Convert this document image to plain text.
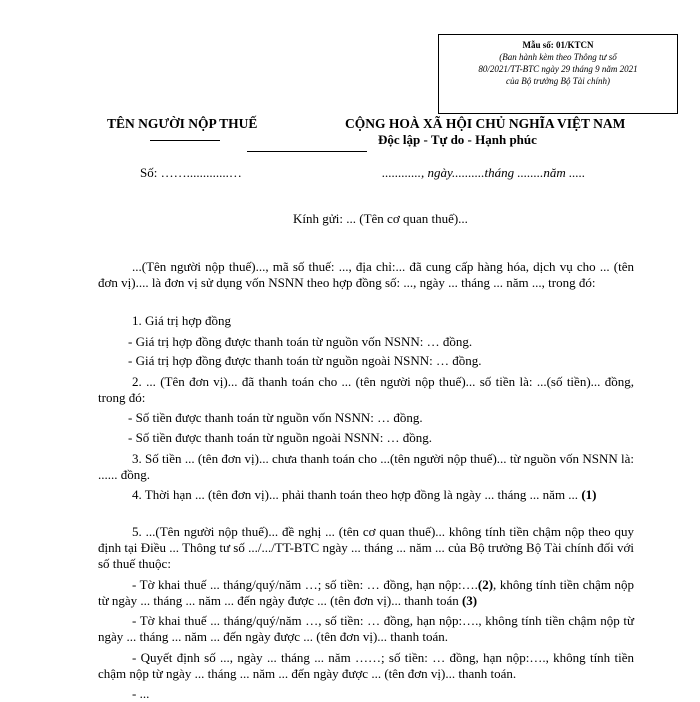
Mẫu số: 01/KTCN
(Ban hành kèm theo Thông tư số
80/2021/TT-BTC ngày 29 tháng 9 năm 2021
của Bộ trưởng Bộ Tài chính)
TÊN NGƯỜI NỘP THUẾ	CỘNG HOÀ XÃ HỘI CHỦ NGHĨA VIỆT NAM
Độc lập - Tự do - Hạnh phúc
Số: …….............…	............, ngày..........tháng ........năm .....
Kính gửi: ... (Tên cơ quan thuế)...
...(Tên người nộp thuế)..., mã số thuế: ..., địa chỉ:... đã cung cấp hàng hóa, dịch vụ cho ... (tên đơn vị).... là đơn vị sử dụng vốn NSNN theo hợp đồng số: ..., ngày ... tháng ... năm ..., trong đó:
1. Giá trị hợp đồng
- Giá trị hợp đồng được thanh toán từ nguồn vốn NSNN: … đồng.
- Giá trị hợp đồng được thanh toán từ nguồn ngoài NSNN: … đồng.
2. ... (Tên đơn vị)... đã thanh toán cho ... (tên người nộp thuế)... số tiền là: ...(số tiền)... đồng, trong đó:
- Số tiền được thanh toán từ nguồn vốn NSNN: … đồng.
- Số tiền được thanh toán từ nguồn ngoài NSNN: … đồng.
3. Số tiền ... (tên đơn vị)... chưa thanh toán cho ...(tên người nộp thuế)... từ nguồn vốn NSNN là: ...... đồng.
4. Thời hạn ... (tên đơn vị)... phải thanh toán theo hợp đồng là ngày ... tháng ... năm ... (1)
5. ...(Tên người nộp thuế)... đề nghị ... (tên cơ quan thuế)... không tính tiền chậm nộp theo quy định tại Điều ... Thông tư số .../.../TT-BTC ngày ... tháng ... năm ... của Bộ trưởng Bộ Tài chính đối với số thuế thuộc:
- Tờ khai thuế ... tháng/quý/năm …; số tiền: … đồng, hạn nộp:….(2), không tính tiền chậm nộp từ ngày ... tháng ... năm ... đến ngày được ... (tên đơn vị)... thanh toán (3)
- Tờ khai thuế ... tháng/quý/năm …, số tiền: … đồng, hạn nộp:…., không tính tiền chậm nộp từ ngày ... tháng ... năm ... đến ngày được ... (tên đơn vị)... thanh toán.
- Quyết định số ..., ngày ... tháng ... năm ……; số tiền: … đồng, hạn nộp:…., không tính tiền chậm nộp từ ngày ... tháng ... năm ... đến ngày được ... (tên đơn vị)... thanh toán.
- ...
